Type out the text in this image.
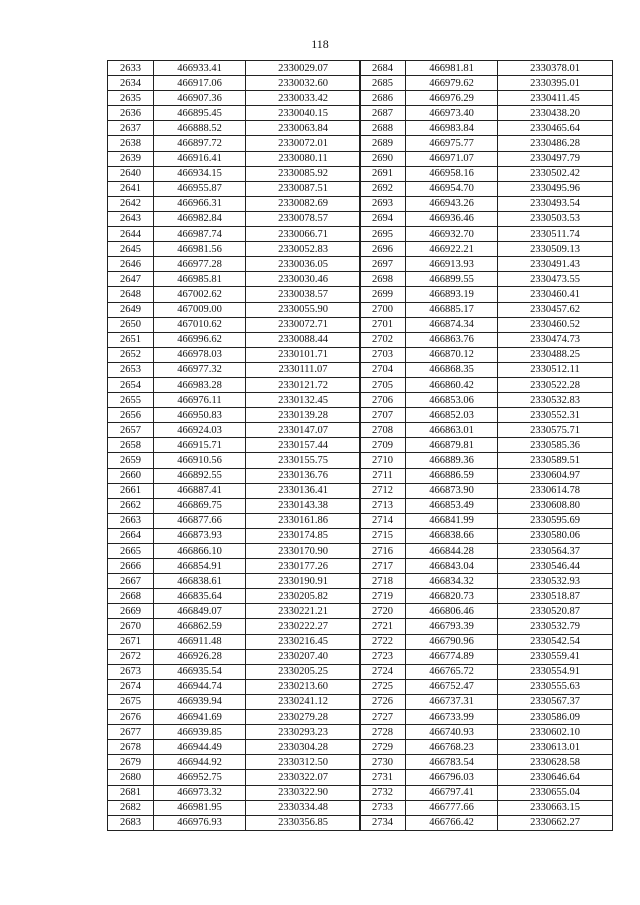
118
2633	466933.41	2330029.07
2634	466917.06	2330032.60
2635	466907.36	2330033.42
2636	466895.45	2330040.15
2637	466888.52	2330063.84
2638	466897.72	2330072.01
2639	466916.41	2330080.11
2640	466934.15	2330085.92
2641	466955.87	2330087.51
2642	466966.31	2330082.69
2643	466982.84	2330078.57
2644	466987.74	2330066.71
2645	466981.56	2330052.83
2646	466977.28	2330036.05
2647	466985.81	2330030.46
2648	467002.62	2330038.57
2649	467009.00	2330055.90
2650	467010.62	2330072.71
2651	466996.62	2330088.44
2652	466978.03	2330101.71
2653	466977.32	2330111.07
2654	466983.28	2330121.72
2655	466976.11	2330132.45
2656	466950.83	2330139.28
2657	466924.03	2330147.07
2658	466915.71	2330157.44
2659	466910.56	2330155.75
2660	466892.55	2330136.76
2661	466887.41	2330136.41
2662	466869.75	2330143.38
2663	466877.66	2330161.86
2664	466873.93	2330174.85
2665	466866.10	2330170.90
2666	466854.91	2330177.26
2667	466838.61	2330190.91
2668	466835.64	2330205.82
2669	466849.07	2330221.21
2670	466862.59	2330222.27
2671	466911.48	2330216.45
2672	466926.28	2330207.40
2673	466935.54	2330205.25
2674	466944.74	2330213.60
2675	466939.94	2330241.12
2676	466941.69	2330279.28
2677	466939.85	2330293.23
2678	466944.49	2330304.28
2679	466944.92	2330312.50
2680	466952.75	2330322.07
2681	466973.32	2330322.90
2682	466981.95	2330334.48
2683	466976.93	2330356.85
2684	466981.81	2330378.01
2685	466979.62	2330395.01
2686	466976.29	2330411.45
2687	466973.40	2330438.20
2688	466983.84	2330465.64
2689	466975.77	2330486.28
2690	466971.07	2330497.79
2691	466958.16	2330502.42
2692	466954.70	2330495.96
2693	466943.26	2330493.54
2694	466936.46	2330503.53
2695	466932.70	2330511.74
2696	466922.21	2330509.13
2697	466913.93	2330491.43
2698	466899.55	2330473.55
2699	466893.19	2330460.41
2700	466885.17	2330457.62
2701	466874.34	2330460.52
2702	466863.76	2330474.73
2703	466870.12	2330488.25
2704	466868.35	2330512.11
2705	466860.42	2330522.28
2706	466853.06	2330532.83
2707	466852.03	2330552.31
2708	466863.01	2330575.71
2709	466879.81	2330585.36
2710	466889.36	2330589.51
2711	466886.59	2330604.97
2712	466873.90	2330614.78
2713	466853.49	2330608.80
2714	466841.99	2330595.69
2715	466838.66	2330580.06
2716	466844.28	2330564.37
2717	466843.04	2330546.44
2718	466834.32	2330532.93
2719	466820.73	2330518.87
2720	466806.46	2330520.87
2721	466793.39	2330532.79
2722	466790.96	2330542.54
2723	466774.89	2330559.41
2724	466765.72	2330554.91
2725	466752.47	2330555.63
2726	466737.31	2330567.37
2727	466733.99	2330586.09
2728	466740.93	2330602.10
2729	466768.23	2330613.01
2730	466783.54	2330628.58
2731	466796.03	2330646.64
2732	466797.41	2330655.04
2733	466777.66	2330663.15
2734	466766.42	2330662.27
